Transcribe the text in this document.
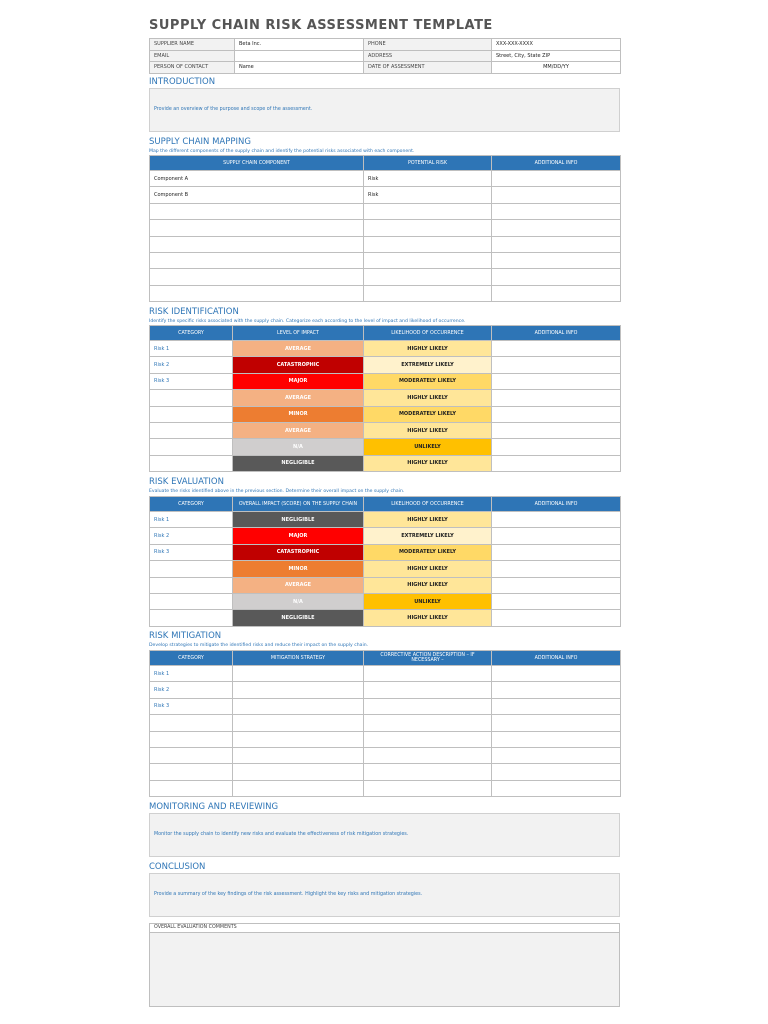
SUPPLY CHAIN RISK ASSESSMENT TEMPLATE
SUPPLIER NAME	Beta Inc.	PHONE	XXX-XXX-XXXX
EMAIL		ADDRESS	Street, City, State ZIP
PERSON OF CONTACT	Name	DATE OF ASSESSMENT	MM/DD/YY
INTRODUCTION
Provide an overview of the purpose and scope of the assessment.
SUPPLY CHAIN MAPPING
Map the different components of the supply chain and identify the potential risks associated with each component.
SUPPLY CHAIN COMPONENT	POTENTIAL RISK	ADDITIONAL INFO
Component A	Risk	
Component B	Risk	

RISK IDENTIFICATION
Identify the specific risks associated with the supply chain. Categorize each according to the level of impact and likelihood of occurrence.
CATEGORY	LEVEL OF IMPACT	LIKELIHOOD OF OCCURRENCE	ADDITIONAL INFO
Risk 1	AVERAGE	HIGHLY LIKELY	
Risk 2	CATASTROPHIC	EXTREMELY LIKELY	
Risk 3	MAJOR	MODERATELY LIKELY	
	AVERAGE	HIGHLY LIKELY	
	MINOR	MODERATELY LIKELY	
	AVERAGE	HIGHLY LIKELY	
	N/A	UNLIKELY	
	NEGLIGIBLE	HIGHLY LIKELY	
RISK EVALUATION
Evaluate the risks identified above in the previous section. Determine their overall impact on the supply chain.
CATEGORY	OVERALL IMPACT (SCORE) ON THE SUPPLY CHAIN	LIKELIHOOD OF OCCURRENCE	ADDITIONAL INFO
Risk 1	NEGLIGIBLE	HIGHLY LIKELY	
Risk 2	MAJOR	EXTREMELY LIKELY	
Risk 3	CATASTROPHIC	MODERATELY LIKELY	
	MINOR	HIGHLY LIKELY	
	AVERAGE	HIGHLY LIKELY	
	N/A	UNLIKELY	
	NEGLIGIBLE	HIGHLY LIKELY	
RISK MITIGATION
Develop strategies to mitigate the identified risks and reduce their impact on the supply chain.
CATEGORY	MITIGATION STRATEGY	CORRECTIVE ACTION DESCRIPTION – IF NECESSARY –	ADDITIONAL INFO
Risk 1			
Risk 2			
Risk 3			

MONITORING AND REVIEWING
Monitor the supply chain to identify new risks and evaluate the effectiveness of risk mitigation strategies.
CONCLUSION
Provide a summary of the key findings of the risk assessment. Highlight the key risks and mitigation strategies.
OVERALL EVALUATION COMMENTS
